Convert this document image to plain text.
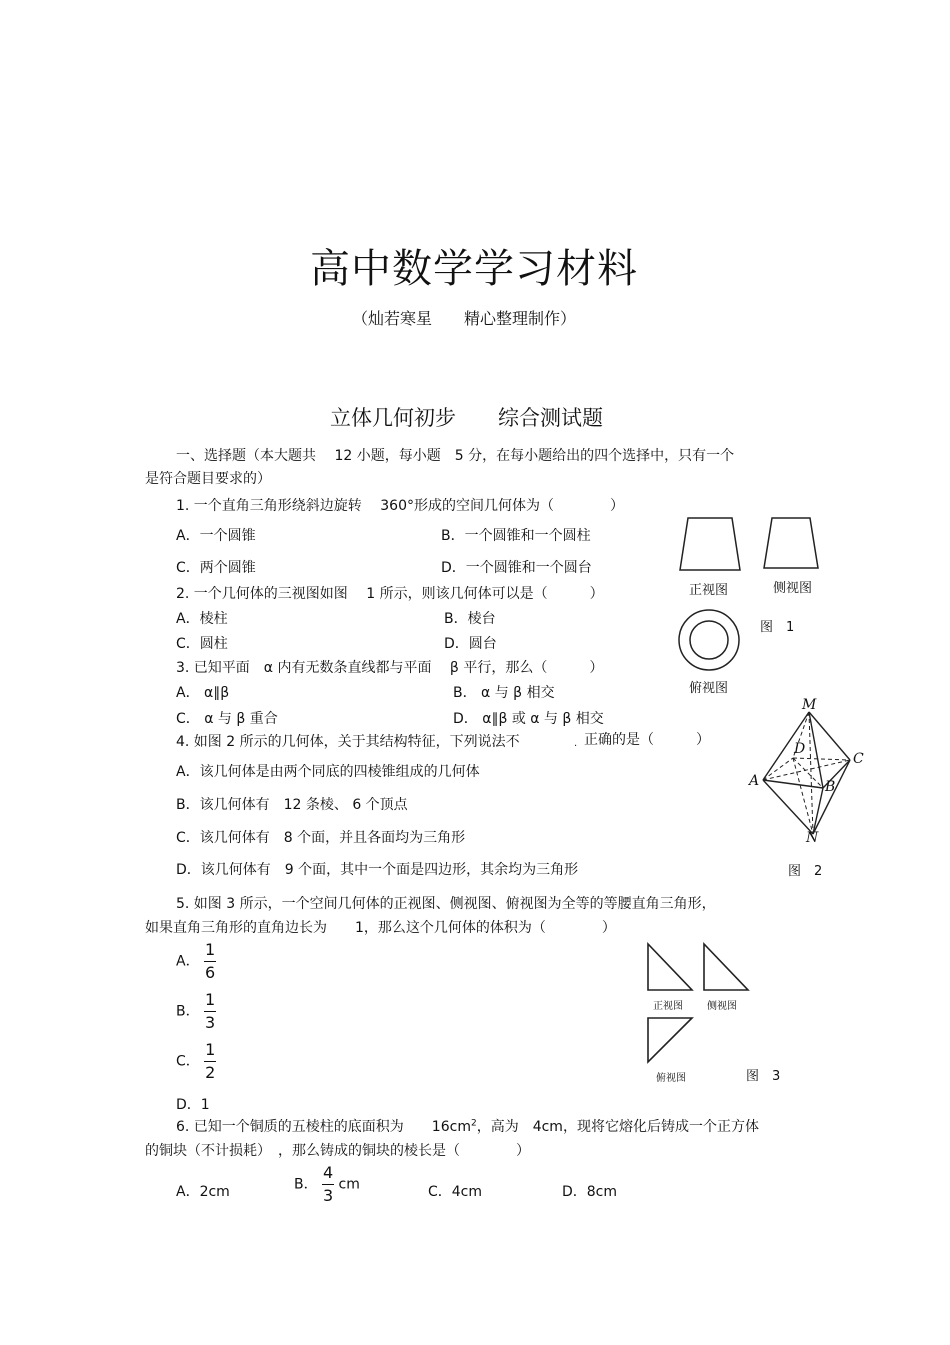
高中数学学习材料
（灿若寒星　　精心整理制作）
立体几何初步　　综合测试题
一、选择题（本大题共　 12 小题，每小题　5 分，在每小题给出的四个选择中，只有一个
是符合题目要求的）
1. 一个直角三角形绕斜边旋转　 360°形成的空间几何体为（　　　　）
A．一个圆锥	B．一个圆锥和一个圆柱
C．两个圆锥	D．一个圆锥和一个圆台
2. 一个几何体的三视图如图　 1 所示，则该几何体可以是（　　　）
A．棱柱	B．棱台
C．圆柱	D．圆台
3. 已知平面　α 内有无数条直线都与平面　 β 平行，那么（　　　）
A． α∥β	B． α 与 β 相交
C． α 与 β 重合	D． α∥β 或 α 与 β 相交
4. 如图 2 所示的几何体，关于其结构特征，下列说法不	. 正确的是（　　　）
A．该几何体是由两个同底的四棱锥组成的几何体
B．该几何体有　12 条棱、 6 个顶点
C．该几何体有　8 个面，并且各面均为三角形
D．该几何体有　9 个面，其中一个面是四边形，其余均为三角形
5. 如图 3 所示，一个空间几何体的正视图、侧视图、俯视图为全等的等腰直角三角形，
如果直角三角形的直角边长为　　1，那么这个几何体的体积为（　　　　）
A． $\frac{1}{6}$
B． $\frac{1}{3}$
C． $\frac{1}{2}$
D．1
6. 已知一个铜质的五棱柱的底面积为　　$16cm^2$，高为　4cm，现将它熔化后铸成一个正方体
的铜块（不计损耗）　，那么铸成的铜块的棱长是（　　　　）
A．2cm	B． $\frac{4}{3}$ cm	C．4cm	D．8cm
正视图	侧视图
俯视图
图　1
M
D
C
A	B
N
图　2
正视图 侧视图
俯视图	图　3
